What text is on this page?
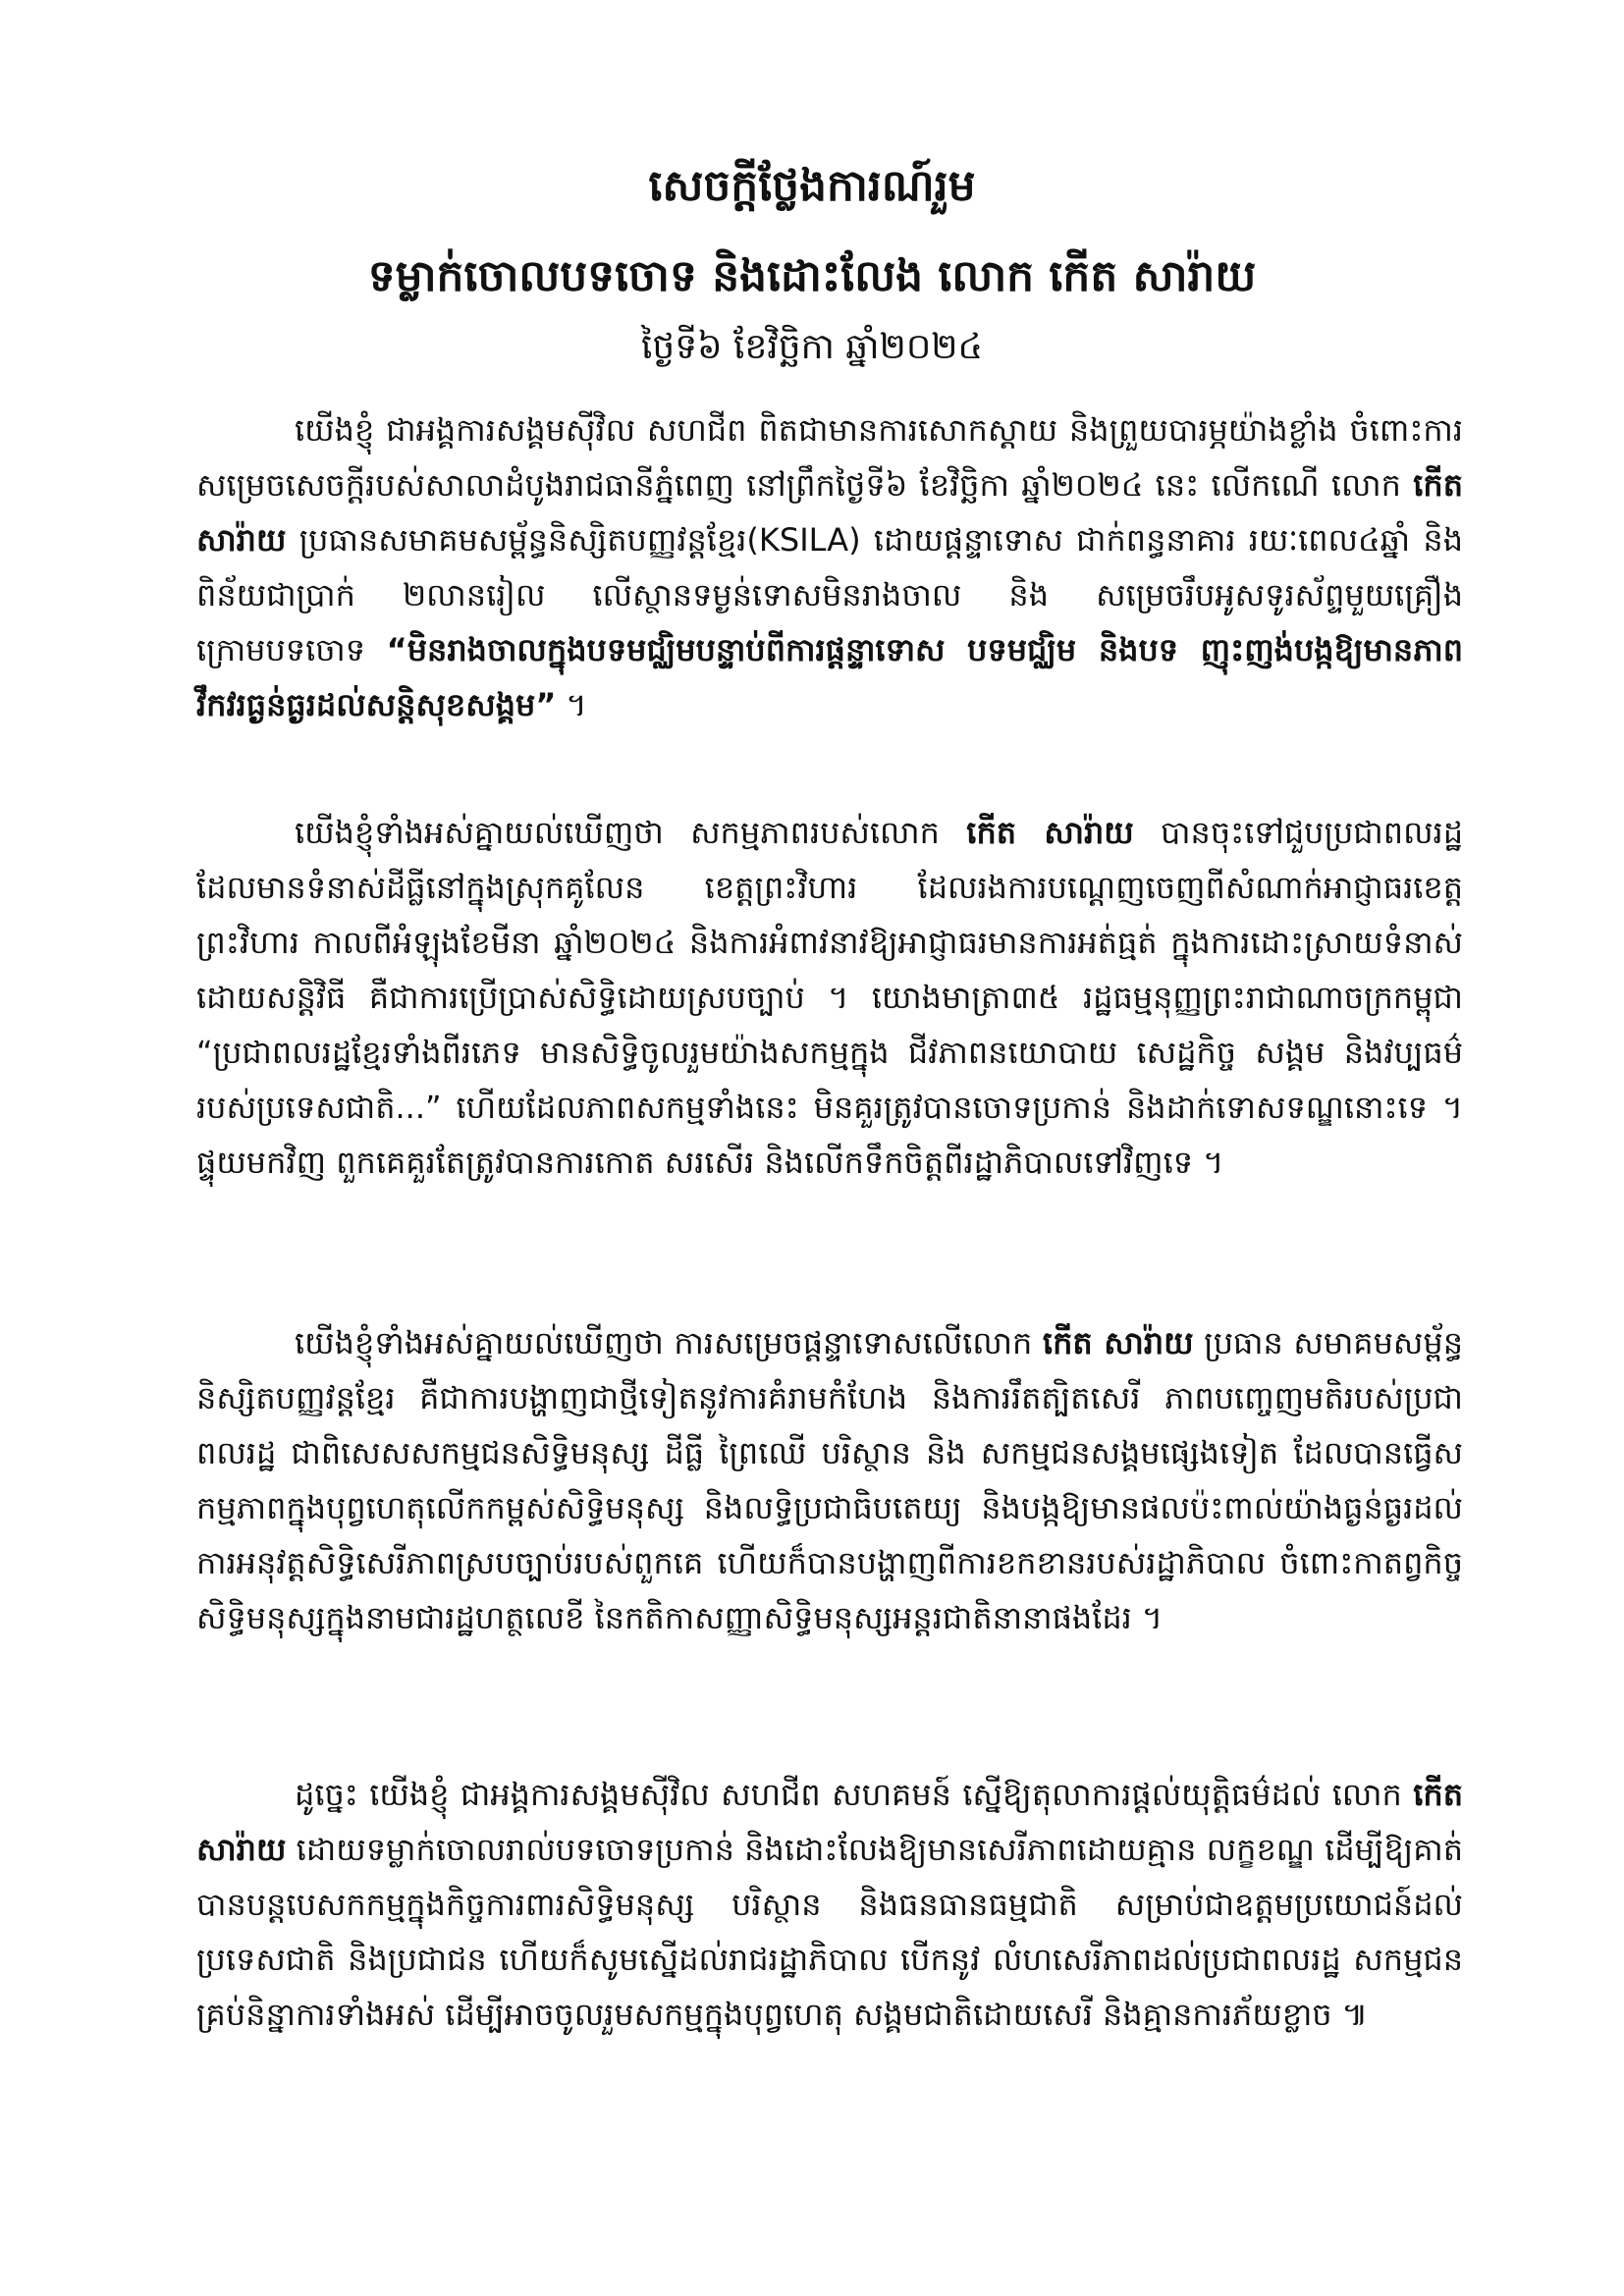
សេចក្តីថ្លែងការណ៍រួម
ទម្លាក់ចោលបទចោទ និងដោះលែង លោក កើត សារ៉ាយ

ថ្ងៃទី៦ ខែវិច្ឆិកា ឆ្នាំ២០២៤

យើងខ្ញុំ ជាអង្គការសង្គមស៊ីវិល សហជីព ពិតជាមានការសោកស្តាយ និងព្រួយបារម្ភយ៉ាងខ្លាំង ចំពោះការសម្រេចសេចក្តីរបស់សាលាដំបូងរាជធានីភ្នំពេញ នៅព្រឹកថ្ងៃទី៦ ខែវិច្ឆិកា ឆ្នាំ២០២៤ នេះ លើកណើ លោក កើត សារ៉ាយ ប្រធានសមាគមសម្ព័ន្ធនិស្សិតបញ្ញវន្តខ្មែរ(KSILA) ដោយផ្តន្ទាទោស ជាក់ពន្ធនាគារ រយៈពេល៤ឆ្នាំ និងពិន័យជាប្រាក់ ២លានរៀល លើស្ថានទម្ងន់ទោសមិនរាងចាល និង សម្រេចរឹបអូសទូរស័ព្ទមួយគ្រឿងក្រោមបទចោទ “មិនរាងចាលក្នុងបទមជ្ឈិមបន្ទាប់ពីការផ្តន្ទាទោស បទមជ្ឈិម និងបទ ញុះញង់បង្កឱ្យមានភាពវឹកវរធ្ងន់ធ្ងរដល់សន្តិសុខសង្គម” ។

យើងខ្ញុំទាំងអស់គ្នាយល់ឃើញថា សកម្មភាពរបស់លោក កើត សារ៉ាយ បានចុះទៅជួបប្រជាពលរដ្ឋ ដែលមានទំនាស់ដីធ្លីនៅក្នុងស្រុកគូលែន ខេត្តព្រះវិហារ ដែលរងការបណ្តេញចេញពីសំណាក់អាជ្ញាធរខេត្តព្រះវិហារ កាលពីអំឡុងខែមីនា ឆ្នាំ២០២៤ និងការអំពាវនាវឱ្យអាជ្ញាធរមានការអត់ធ្មត់ ក្នុងការដោះស្រាយទំនាស់ដោយសន្តិវិធី គឺជាការប្រើប្រាស់សិទ្ធិដោយស្របច្បាប់ ។ យោងមាត្រា៣៥ រដ្ឋធម្មនុញ្ញព្រះរាជាណាចក្រកម្ពុជា “ប្រជាពលរដ្ឋខ្មែរទាំងពីរភេទ មានសិទ្ធិចូលរួមយ៉ាងសកម្មក្នុង ជីវភាពនយោបាយ សេដ្ឋកិច្ច សង្គម និងវប្បធម៌របស់ប្រទេសជាតិ...” ហើយដែលភាពសកម្មទាំងនេះ មិនគួរត្រូវបានចោទប្រកាន់ និងដាក់ទោសទណ្ឌនោះទេ ។ ផ្ទុយមកវិញ ពួកគេគួរតែត្រូវបានការកោត សរសើរ និងលើកទឹកចិត្តពីរដ្ឋាភិបាលទៅវិញទេ ។

យើងខ្ញុំទាំងអស់គ្នាយល់ឃើញថា ការសម្រេចផ្តន្ទាទោសលើលោក កើត សារ៉ាយ ប្រធាន សមាគមសម្ព័ន្ធនិស្សិតបញ្ញវន្តខ្មែរ គឺជាការបង្ហាញជាថ្មីទៀតនូវការគំរាមកំហែង និងការរឹតត្បិតសេរី ភាពបញ្ចេញមតិរបស់ប្រជាពលរដ្ឋ ជាពិសេសសកម្មជនសិទ្ធិមនុស្ស ដីធ្លី ព្រៃឈើ បរិស្ថាន និង សកម្មជនសង្គមផ្សេងទៀត ដែលបានធ្វើសកម្មភាពក្នុងបុព្វហេតុលើកកម្ពស់សិទ្ធិមនុស្ស និងលទ្ធិប្រជាធិបតេយ្យ និងបង្កឱ្យមានផលប៉ះពាល់យ៉ាងធ្ងន់ធ្ងរដល់ការអនុវត្តសិទ្ធិសេរីភាពស្របច្បាប់របស់ពួកគេ ហើយក៏បានបង្ហាញពីការខកខានរបស់រដ្ឋាភិបាល ចំពោះកាតព្វកិច្ចសិទ្ធិមនុស្សក្នុងនាមជារដ្ឋហត្ថលេខី នៃកតិកាសញ្ញាសិទ្ធិមនុស្សអន្តរជាតិនានាផងដែរ ។

ដូច្នេះ យើងខ្ញុំ ជាអង្គការសង្គមស៊ីវិល សហជីព សហគមន៍ ស្នើឱ្យតុលាការផ្តល់យុត្តិធម៌ដល់ លោក កើត សារ៉ាយ ដោយទម្លាក់ចោលរាល់បទចោទប្រកាន់ និងដោះលែងឱ្យមានសេរីភាពដោយគ្មាន លក្ខខណ្ឌ ដើម្បីឱ្យគាត់បានបន្តបេសកកម្មក្នុងកិច្ចការពារសិទ្ធិមនុស្ស បរិស្ថាន និងធនធានធម្មជាតិ សម្រាប់ជាឧត្តមប្រយោជន៍ដល់ប្រទេសជាតិ និងប្រជាជន ហើយក៏សូមស្នើដល់រាជរដ្ឋាភិបាល បើកនូវ លំហសេរីភាពដល់ប្រជាពលរដ្ឋ សកម្មជន គ្រប់និន្នាការទាំងអស់ ដើម្បីអាចចូលរួមសកម្មក្នុងបុព្វហេតុ សង្គមជាតិដោយសេរី និងគ្មានការភ័យខ្លាច ៕
